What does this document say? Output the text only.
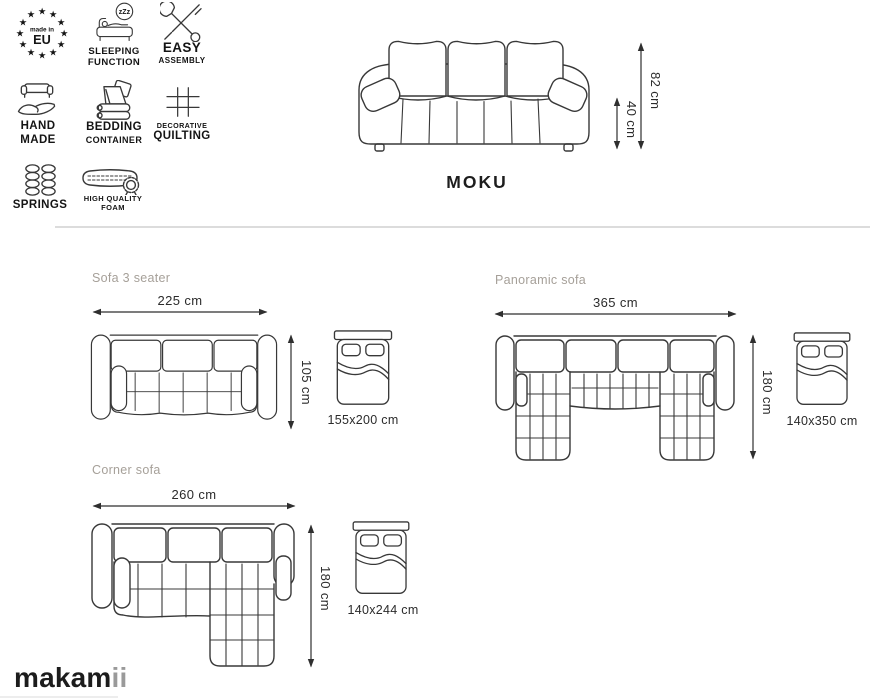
★ ★
★
★
★
★
★
★
★
★
★
★
made in
EU
zZz
SLEEPING
FUNCTION
EASY
ASSEMBLY
HAND
MADE
BEDDING
CONTAINER
DECORATIVE
QUILTING
SPRINGS
HIGH QUALITY
FOAM
40 cm
82 cm
MOKU
Sofa 3 seater
225 cm
105 cm
155x200 cm
Panoramic sofa
365 cm
180 cm
140x350 cm
Corner sofa
260 cm
180 cm 140x244 cm
makamii
